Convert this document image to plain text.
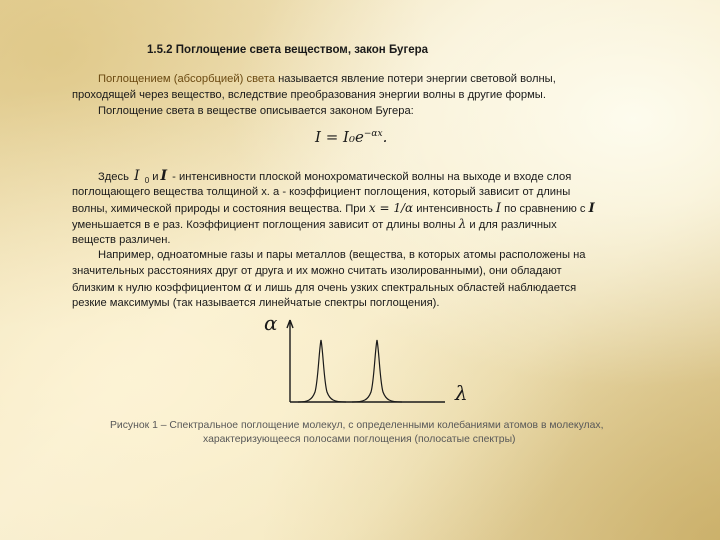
1.5.2 Поглощение света веществом, закон Бугера
Поглощением (абсорбцией) света называется явление потери энергии световой волны,
проходящей через вещество, вследствие преобразования энергии волны в другие формы.
Поглощение света в веществе описывается законом Бугера:
$I = I_0e^{-\alpha x}$.
Здесь I $_0$ и I - интенсивности плоской монохроматической волны на выходе и входе слоя
поглощающего вещества толщиной x. a - коэффициент поглощения, который зависит от длины
волны, химической природы и состояния вещества. При x = 1/α интенсивность I по сравнению с I
уменьшается в е раз. Коэффициент поглощения зависит от длины волны λ и для различных
веществ различен.
Например, одноатомные газы и пары металлов (вещества, в которых атомы расположены на
значительных расстояниях друг от друга и их можно считать изолированными), они обладают
близким к нулю коэффициентом α и лишь для очень узких спектральных областей наблюдается
резкие максимумы (так называется линейчатые спектры поглощения).
α
λ
Рисунок 1 – Спектральное поглощение молекул, с определенными колебаниями атомов в молекулах,
характеризующееся полосами поглощения (полосатые спектры)
